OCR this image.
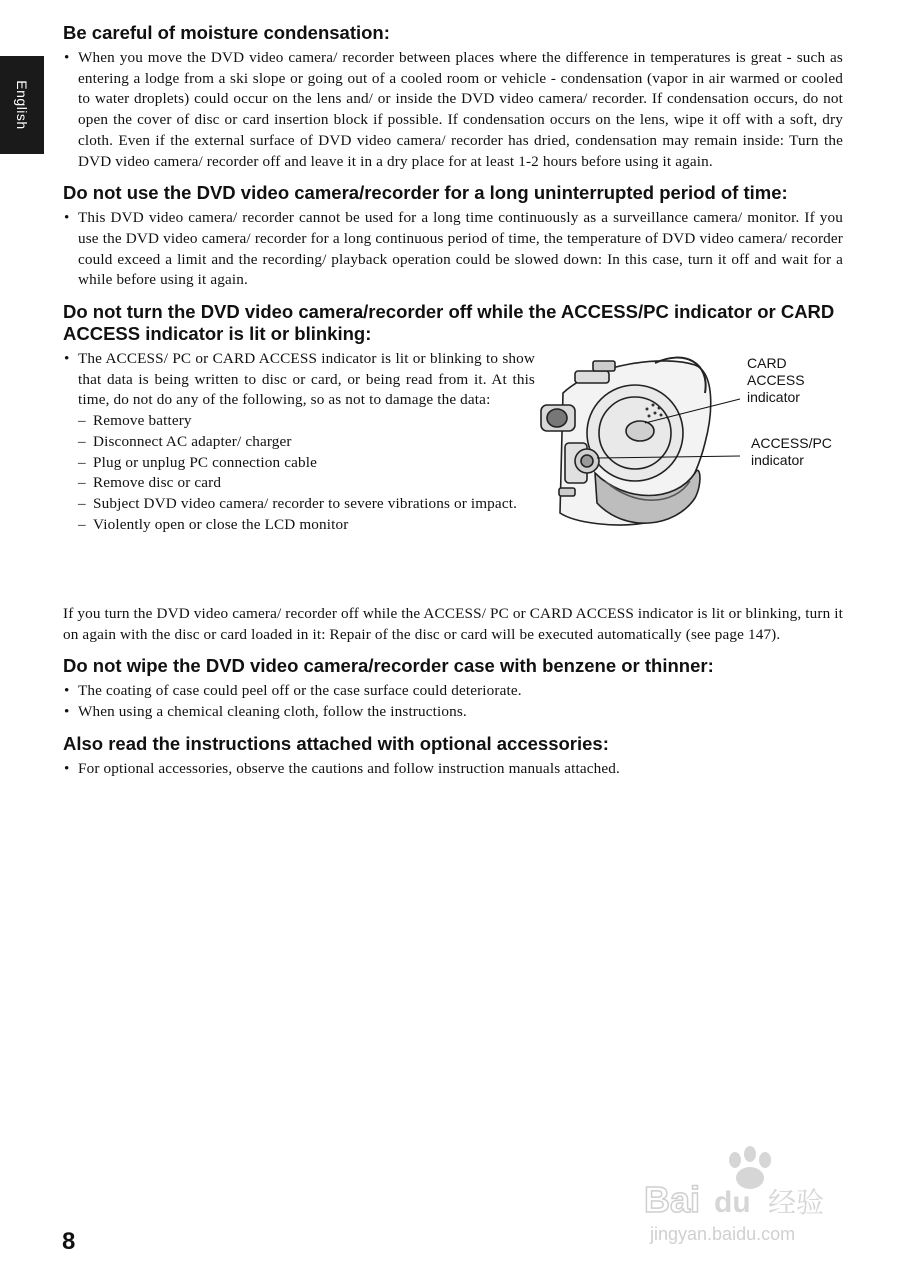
English
Be careful of moisture condensation:
• When you move the DVD video camera/ recorder between places where the difference in temperatures is great - such as entering a lodge from a ski slope or going out of a cooled room or vehicle - condensation (vapor in air warmed or cooled to water droplets) could occur on the lens and/ or inside the DVD video camera/ recorder. If condensation occurs, do not open the cover of disc or card insertion block if possible. If condensation occurs on the lens, wipe it off with a soft, dry cloth. Even if the external surface of DVD video camera/ recorder has dried, condensation may remain inside: Turn the DVD video camera/ recorder off and leave it in a dry place for at least 1-2 hours before using it again.
Do not use the DVD video camera/recorder for a long uninterrupted period of time:
• This DVD video camera/ recorder cannot be used for a long time continuously as a surveillance camera/ monitor. If you use the DVD video camera/ recorder for a long continuous period of time, the temperature of DVD video camera/ recorder could exceed a limit and the recording/ playback operation could be slowed down: In this case, turn it off and wait for a while before using it again.
Do not turn the DVD video camera/recorder off while the ACCESS/PC indicator or CARD ACCESS indicator is lit or blinking:
• The ACCESS/ PC or CARD ACCESS indicator is lit or blinking to show that data is being written to disc or card, or being read from it. At this time, do not do any of the following, so as not to damage the data:
– Remove battery
– Disconnect AC adapter/ charger
– Plug or unplug PC connection cable
– Remove disc or card
– Subject DVD video camera/ recorder to severe vibrations or impact.
– Violently open or close the LCD monitor
CARD
ACCESS
indicator
ACCESS/PC
indicator

If you turn the DVD video camera/ recorder off while the ACCESS/ PC or CARD ACCESS indicator is lit or blinking, turn it on again with the disc or card loaded in it: Repair of the disc or card will be executed automatically (see page 147).

Do not wipe the DVD video camera/recorder case with benzene or thinner:
• The coating of case could peel off or the case surface could deteriorate.
• When using a chemical cleaning cloth, follow the instructions.
Also read the instructions attached with optional accessories:
• For optional accessories, observe the cautions and follow instruction manuals attached.
Bai du 经验
jingyan.baidu.com
8
